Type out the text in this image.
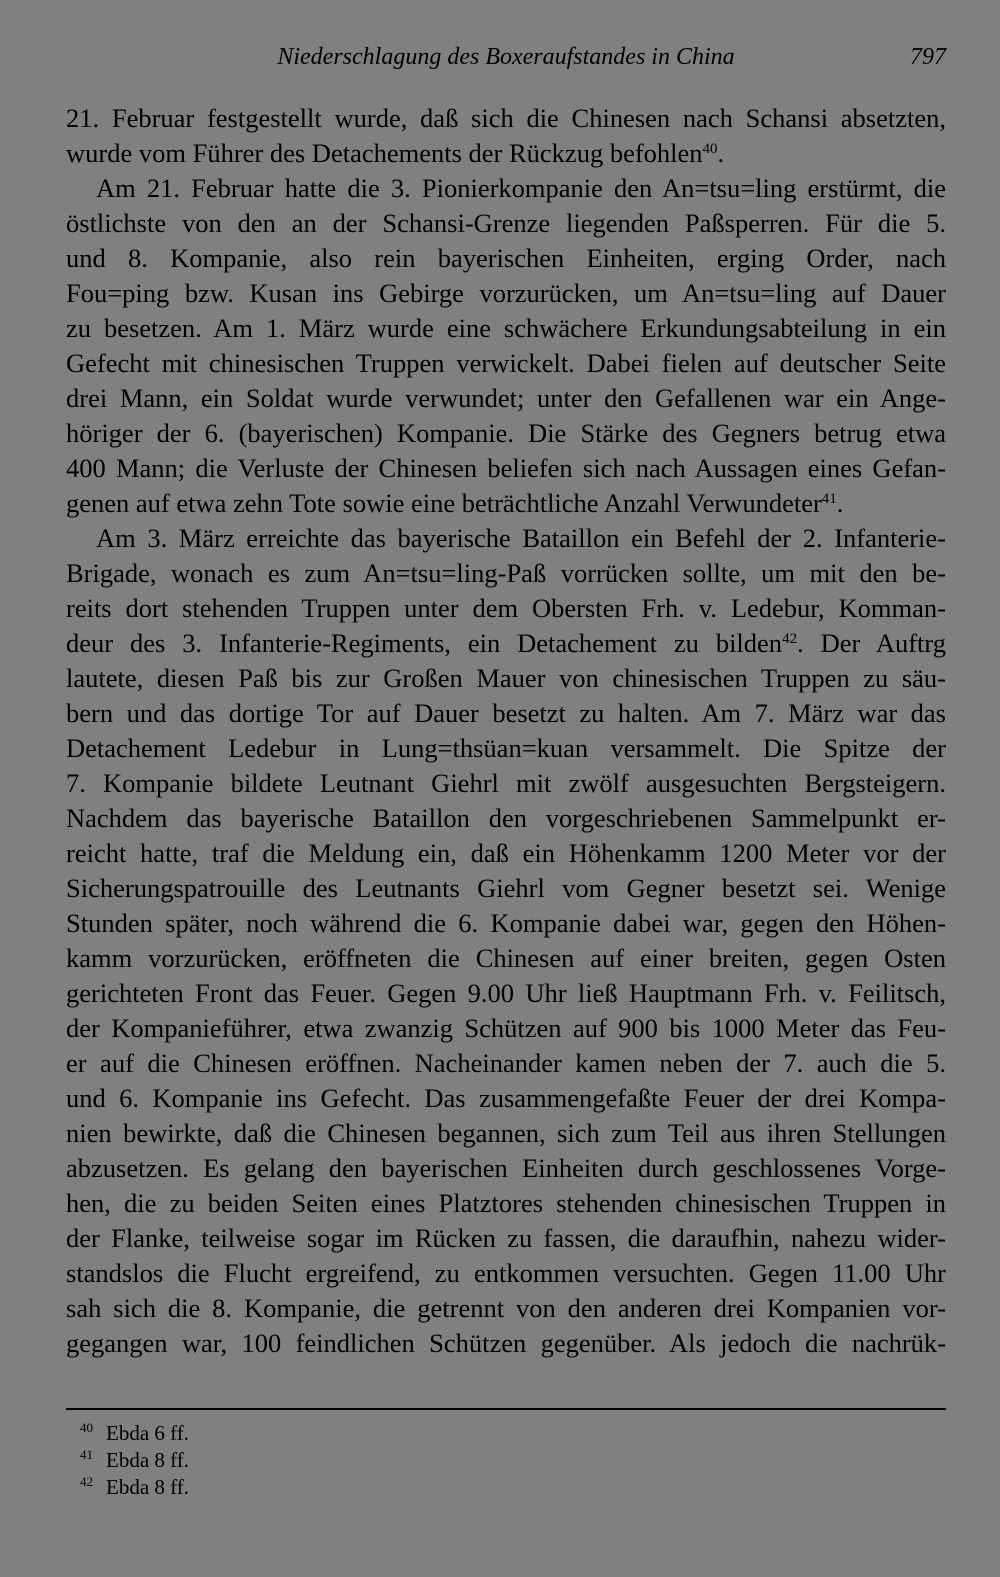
Niederschlagung des Boxeraufstandes in China	797
21. Februar festgestellt wurde, daß sich die Chinesen nach Schansi absetzten,
wurde vom Führer des Detachements der Rückzug befohlen$^{40}$.
Am 21. Februar hatte die 3. Pionierkompanie den An=tsu=ling erstürmt, die
östlichste von den an der Schansi-Grenze liegenden Paßsperren. Für die 5.
und 8. Kompanie, also rein bayerischen Einheiten, erging Order, nach
Fou=ping bzw. Kusan ins Gebirge vorzurücken, um An=tsu=ling auf Dauer
zu besetzen. Am 1. März wurde eine schwächere Erkundungsabteilung in ein
Gefecht mit chinesischen Truppen verwickelt. Dabei fielen auf deutscher Seite
drei Mann, ein Soldat wurde verwundet; unter den Gefallenen war ein Ange-
höriger der 6. (bayerischen) Kompanie. Die Stärke des Gegners betrug etwa
400 Mann; die Verluste der Chinesen beliefen sich nach Aussagen eines Gefan-
genen auf etwa zehn Tote sowie eine beträchtliche Anzahl Verwundeter$^{41}$.
Am 3. März erreichte das bayerische Bataillon ein Befehl der 2. Infanterie-
Brigade, wonach es zum An=tsu=ling-Paß vorrücken sollte, um mit den be-
reits dort stehenden Truppen unter dem Obersten Frh. v. Ledebur, Komman-
deur des 3. Infanterie-Regiments, ein Detachement zu bilden$^{42}$. Der Auftrg
lautete, diesen Paß bis zur Großen Mauer von chinesischen Truppen zu säu-
bern und das dortige Tor auf Dauer besetzt zu halten. Am 7. März war das
Detachement Ledebur in Lung=thsüan=kuan versammelt. Die Spitze der
7. Kompanie bildete Leutnant Giehrl mit zwölf ausgesuchten Bergsteigern.
Nachdem das bayerische Bataillon den vorgeschriebenen Sammelpunkt er-
reicht hatte, traf die Meldung ein, daß ein Höhenkamm 1200 Meter vor der
Sicherungspatrouille des Leutnants Giehrl vom Gegner besetzt sei. Wenige
Stunden später, noch während die 6. Kompanie dabei war, gegen den Höhen-
kamm vorzurücken, eröffneten die Chinesen auf einer breiten, gegen Osten
gerichteten Front das Feuer. Gegen 9.00 Uhr ließ Hauptmann Frh. v. Feilitsch,
der Kompanieführer, etwa zwanzig Schützen auf 900 bis 1000 Meter das Feu-
er auf die Chinesen eröffnen. Nacheinander kamen neben der 7. auch die 5.
und 6. Kompanie ins Gefecht. Das zusammengefaßte Feuer der drei Kompa-
nien bewirkte, daß die Chinesen begannen, sich zum Teil aus ihren Stellungen
abzusetzen. Es gelang den bayerischen Einheiten durch geschlossenes Vorge-
hen, die zu beiden Seiten eines Platztores stehenden chinesischen Truppen in
der Flanke, teilweise sogar im Rücken zu fassen, die daraufhin, nahezu wider-
standslos die Flucht ergreifend, zu entkommen versuchten. Gegen 11.00 Uhr
sah sich die 8. Kompanie, die getrennt von den anderen drei Kompanien vor-
gegangen war, 100 feindlichen Schützen gegenüber. Als jedoch die nachrük-
40 Ebda 6 ff.
41 Ebda 8 ff.
42 Ebda 8 ff.
